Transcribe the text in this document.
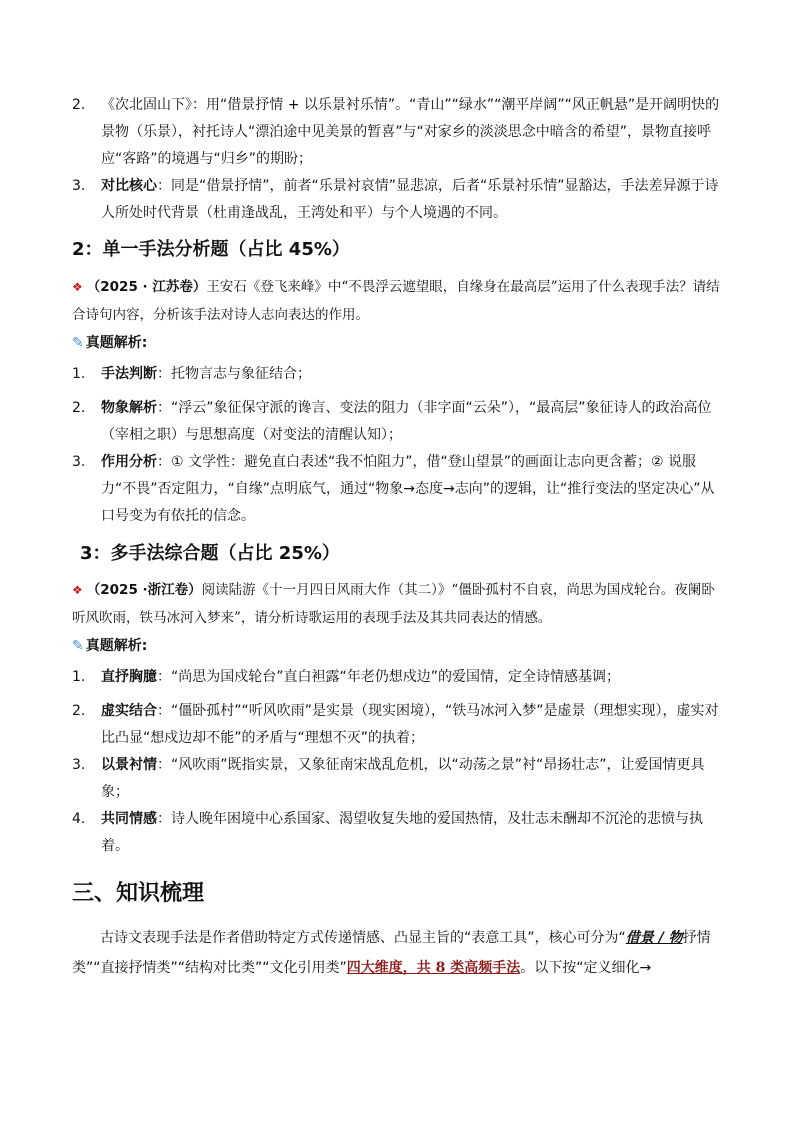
2. 《次北固山下》：用“借景抒情 + 以乐景衬乐情”。“青山”“绿水”“潮平岸阔”“风正帆悬”是开阔明快的景物（乐景），衬托诗人“漂泊途中见美景的暂喜”与“对家乡的淡淡思念中暗含的希望”，景物直接呼应“客路”的境遇与“归乡”的期盼；
3. 对比核心：同是“借景抒情”，前者“乐景衬哀情”显悲凉，后者“乐景衬乐情”显豁达，手法差异源于诗人所处时代背景（杜甫逢战乱，王湾处和平）与个人境遇的不同。
2：单一手法分析题（占比 45%）
❖ （2025 · 江苏卷）王安石《登飞来峰》中“不畏浮云遮望眼，自缘身在最高层”运用了什么表现手法？请结合诗句内容，分析该手法对诗人志向表达的作用。
✎ 真题解析:
1. 手法判断：托物言志与象征结合；
2. 物象解析：“浮云”象征保守派的谗言、变法的阻力（非字面“云朵”），“最高层”象征诗人的政治高位（宰相之职）与思想高度（对变法的清醒认知）；
3. 作用分析：① 文学性：避免直白表述“我不怕阻力”，借“登山望景”的画面让志向更含蓄；② 说服力“不畏”否定阻力，“自缘”点明底气，通过“物象→态度→志向”的逻辑，让“推行变法的坚定决心”从口号变为有依托的信念。
3：多手法综合题（占比 25%）
❖ （2025 ·浙江卷）阅读陆游《十一月四日风雨大作（其二）》“僵卧孤村不自哀，尚思为国戍轮台。夜阑卧听风吹雨，铁马冰河入梦来”，请分析诗歌运用的表现手法及其共同表达的情感。
✎ 真题解析:
1. 直抒胸臆：“尚思为国戍轮台”直白袒露“年老仍想戍边”的爱国情，定全诗情感基调；
2. 虚实结合：“僵卧孤村”“听风吹雨”是实景（现实困境），“铁马冰河入梦”是虚景（理想实现），虚实对比凸显“想戍边却不能”的矛盾与“理想不灭”的执着；
3. 以景衬情：“风吹雨”既指实景，又象征南宋战乱危机，以“动荡之景”衬“昂扬壮志”，让爱国情更具象；
4. 共同情感：诗人晚年困境中心系国家、渴望收复失地的爱国热情，及壮志未酬却不沉沦的悲愤与执着。
三、知识梳理
古诗文表现手法是作者借助特定方式传递情感、凸显主旨的“表意工具”，核心可分为“借景 / 物抒情类”“直接抒情类”“结构对比类”“文化引用类”四大维度，共 8 类高频手法。以下按“定义细化→
